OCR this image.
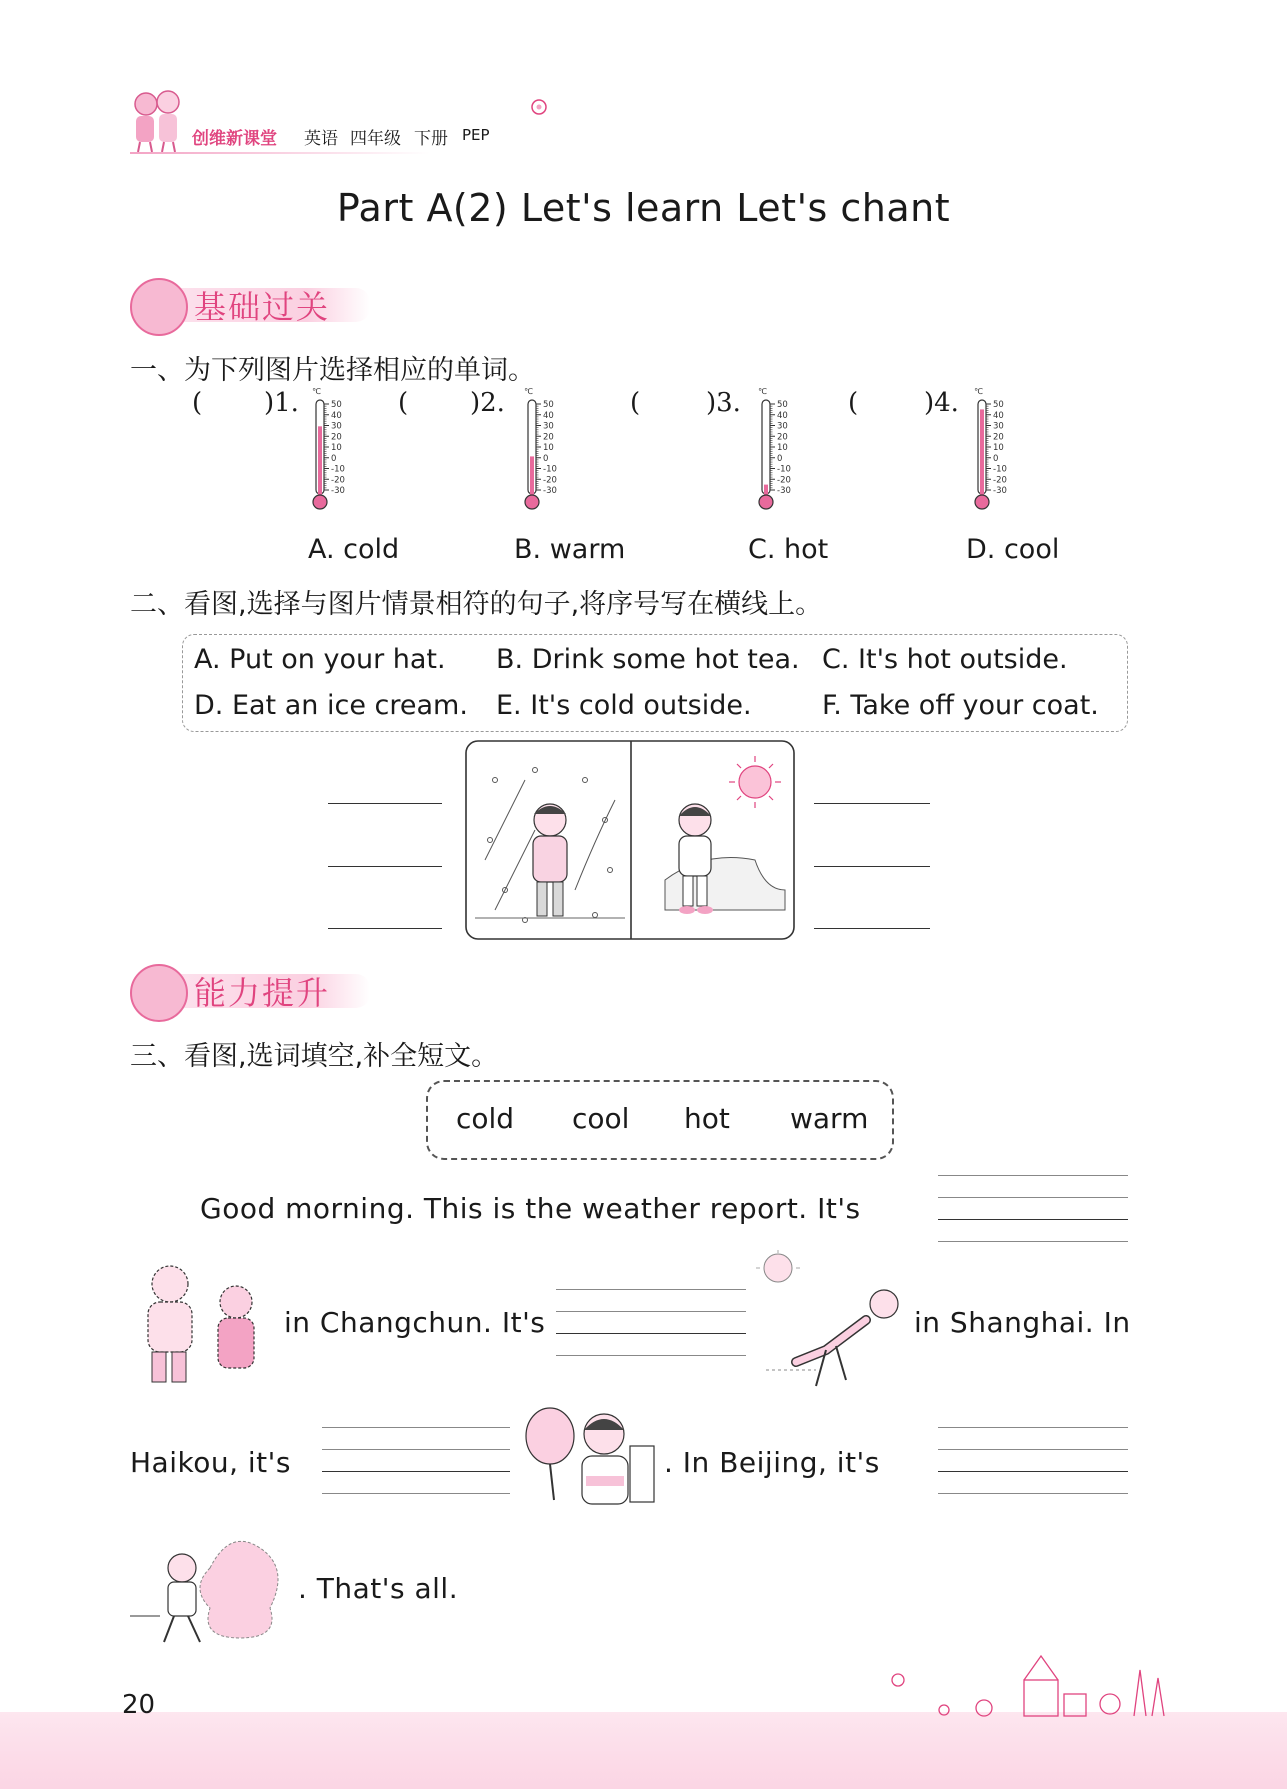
创维新课堂 英语 四年级 下册 PEP
Part A(2) Let's learn Let's chant
基础过关
一、为下列图片选择相应的单词。
( )1. ℃
50
40
30
20
10
0
-10
-20
-30
( )2. ℃
50
40
30
20
10
0
-10
-20
-30
(	)3. ℃
50
40
30
20
10
0
-10
-20
-30
(	)4. ℃
50
40
30
20
10
0
-10
-20
-30
A. cold	B. warm	C. hot	D. cool
二、看图,选择与图片情景相符的句子,将序号写在横线上。
A. Put on your hat. B. Drink some hot tea. C. It's hot outside.
D. Eat an ice cream. E. It's cold outside.	F. Take off your coat.
能力提升
三、看图,选词填空,补全短文。
cold cool hot warm
Good morning. This is the weather report. It's
in Changchun. It's	in Shanghai. In
Haikou, it's	. In Beijing, it's
. That's all.
20
